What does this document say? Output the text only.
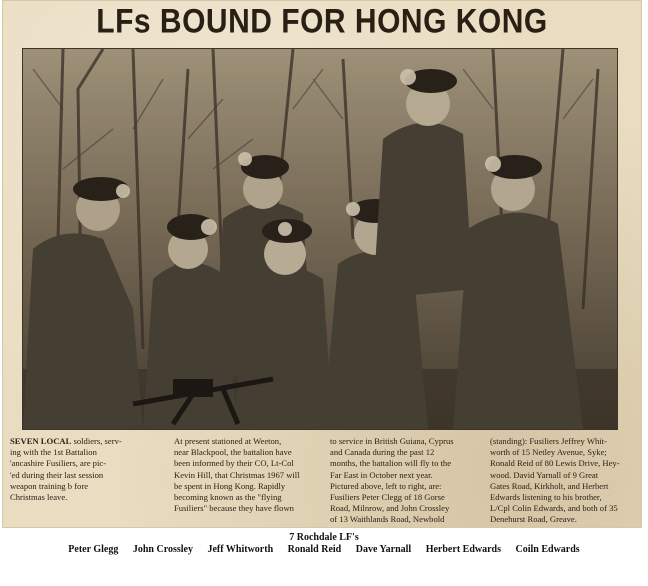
LFs BOUND FOR HONG KONG
SEVEN LOCAL soldiers, serv-
ing with the 1st Battalion
'ancashire Fusiliers, are pic-
'ed during their last session
weapon training b fore
Christmas leave.
At present stationed at Weeton,
near Blackpool, the battalion have
been informed by their CO, Lt-Col
Kevin Hill, that Christmas 1967 will
be spent in Hong Kong. Rapidly
becoming known as the "flying
Fusiliers" because they have flown
to service in British Guiana, Cyprus
and Canada during the past 12
months, the battalion will fly to the
Far East in October next year.
Pictured above, left to right, are:
Fusiliers Peter Clegg of 18 Gorse
Road, Milnrow, and John Crossley
of 13 Waithlands Road, Newbold
(standing): Fusiliers Jeffrey Whit-
worth of 15 Netley Avenue, Syke;
Ronald Reid of 80 Lewis Drive, Hey-
wood. David Yarnall of 9 Great
Gates Road, Kirkholt, and Herbert
Edwards listening to his brother,
L/Cpl Colin Edwards, and both of 35
Denehurst Road, Greave.
7 Rochdale LF's
Peter Glegg John Crossley Jeff Whitworth Ronald Reid Dave Yarnall Herbert Edwards Coiln Edwards
